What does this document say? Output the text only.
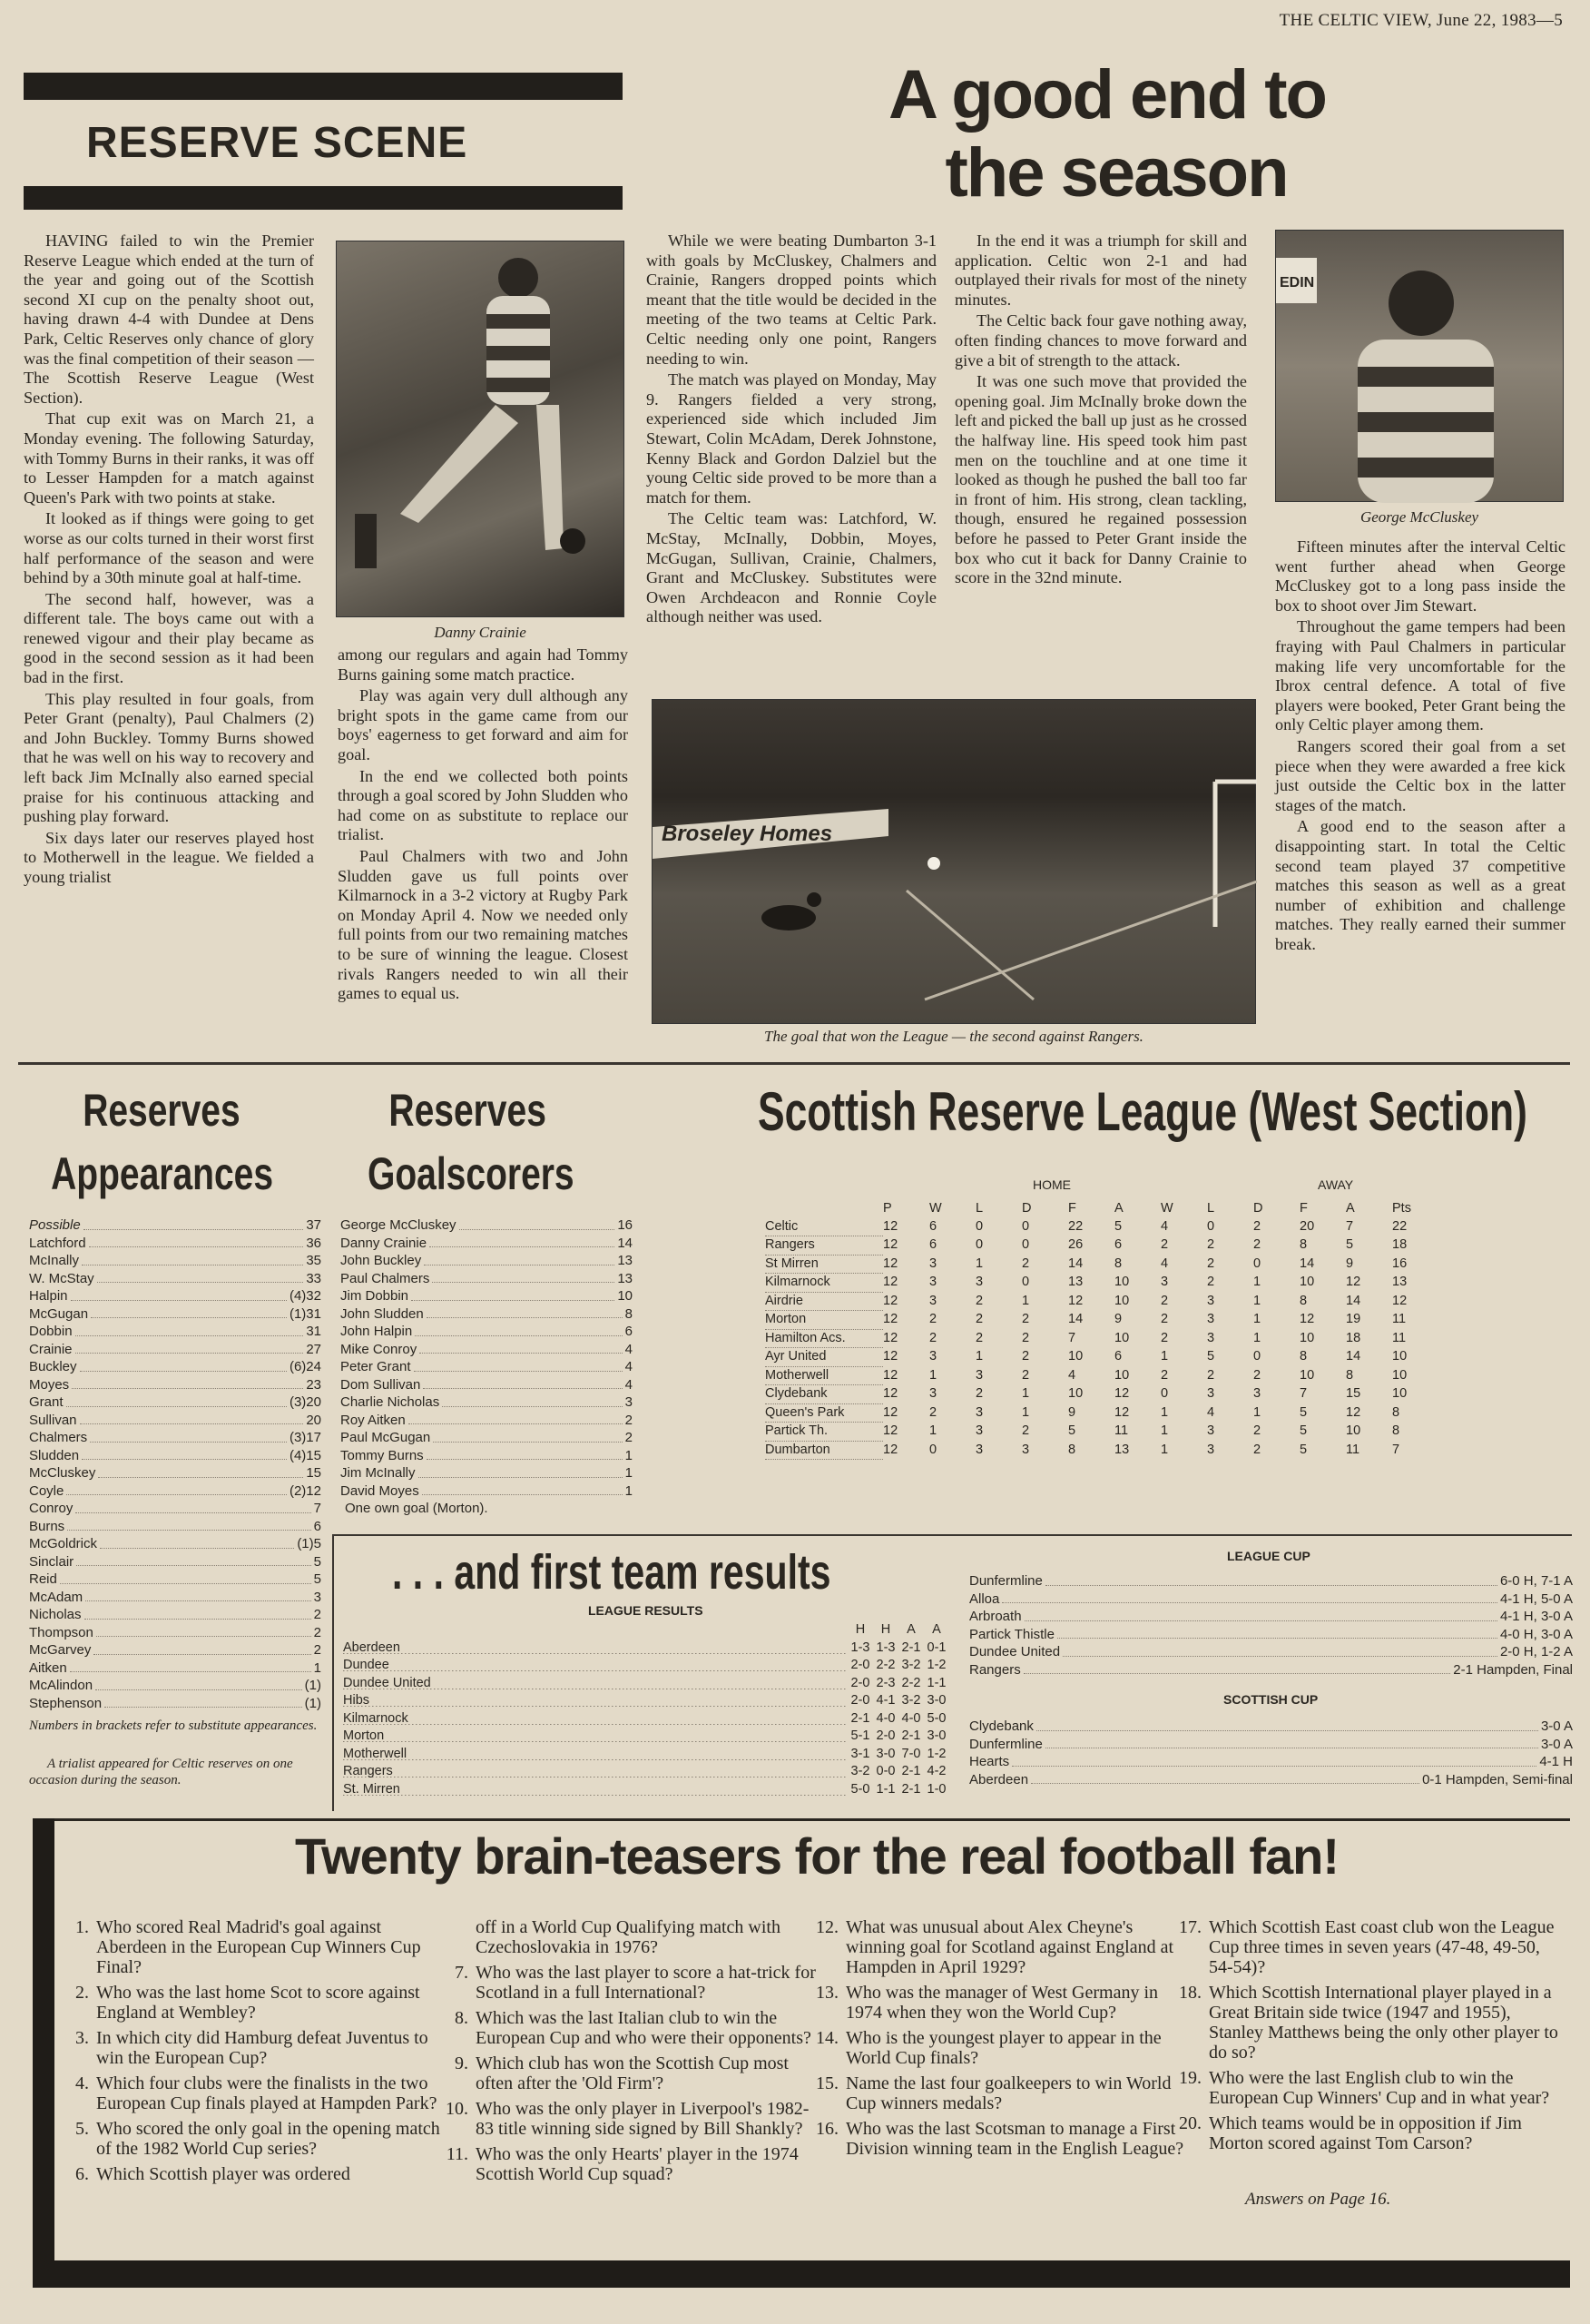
THE CELTIC VIEW, June 22, 1983—5
RESERVE SCENE
A good end to
the season

HAVING failed to win the Premier Reserve League which ended at the turn of the year and going out of the Scottish second XI cup on the penalty shoot out, having drawn 4-4 with Dundee at Dens Park, Celtic Reserves only chance of glory was the final competition of their season — The Scottish Reserve League (West Section).

That cup exit was on March 21, a Monday evening. The following Saturday, with Tommy Burns in their ranks, it was off to Lesser Hampden for a match against Queen's Park with two points at stake.

It looked as if things were going to get worse as our colts turned in their worst first half performance of the season and were behind by a 30th minute goal at half-time.

The second half, however, was a different tale. The boys came out with a renewed vigour and their play became as good in the second session as it had been bad in the first.

This play resulted in four goals, from Peter Grant (penalty), Paul Chalmers (2) and John Buckley. Tommy Burns showed that he was well on his way to recovery and left back Jim McInally also earned special praise for his continuous attacking and pushing play forward.

Six days later our reserves played host to Motherwell in the league. We fielded a young trialist

Danny Crainie

among our regulars and again had Tommy Burns gaining some match practice.

Play was again very dull although any bright spots in the game came from our boys' eagerness to get forward and aim for goal.

In the end we collected both points through a goal scored by John Sludden who had come on as substitute to replace our trialist.

Paul Chalmers with two and John Sludden gave us full points over Kilmarnock in a 3-2 victory at Rugby Park on Monday April 4. Now we needed only full points from our two remaining matches to be sure of winning the league. Closest rivals Rangers needed to win all their games to equal us.

While we were beating Dumbarton 3-1 with goals by McCluskey, Chalmers and Crainie, Rangers dropped points which meant that the title would be decided in the meeting of the two teams at Celtic Park. Celtic needing only one point, Rangers needing to win.

The match was played on Monday, May 9. Rangers fielded a very strong, experienced side which included Jim Stewart, Colin McAdam, Derek Johnstone, Kenny Black and Gordon Dalziel but the young Celtic side proved to be more than a match for them.

The Celtic team was: Latchford, W. McStay, McInally, Dobbin, Moyes, McGugan, Sullivan, Crainie, Chalmers, Grant and McCluskey. Substitutes were Owen Archdeacon and Ronnie Coyle although neither was used.

In the end it was a triumph for skill and application. Celtic won 2-1 and had outplayed their rivals for most of the ninety minutes.

The Celtic back four gave nothing away, often finding chances to move forward and give a bit of strength to the attack.

It was one such move that provided the opening goal. Jim McInally broke down the left and picked the ball up just as he crossed the halfway line. His speed took him past men on the touchline and at one time it looked as though he pushed the ball too far in front of him. His strong, clean tackling, though, ensured he regained possession before he passed to Peter Grant inside the box who cut it back for Danny Crainie to score in the 32nd minute.

Broseley Homes
The goal that won the League — the second against Rangers.
EDIN
George McCluskey

Fifteen minutes after the interval Celtic went further ahead when George McCluskey got to a long pass inside the box to shoot over Jim Stewart.

Throughout the game tempers had been fraying with Paul Chalmers in particular making life very uncomfortable for the Ibrox central defence. A total of five players were booked, Peter Grant being the only Celtic player among them.

Rangers scored their goal from a set piece when they were awarded a free kick just outside the Celtic box in the latter stages of the match.

A good end to the season after a disappointing start. In total the Celtic second team played 37 competitive matches this season as well as a great number of exhibition and challenge matches. They really earned their summer break.

Reserves
Appearances
Possible	37
Latchford	36
McInally	35
W. McStay	33
Halpin	(4)32
McGugan	(1)31
Dobbin	31
Crainie	27
Buckley	(6)24
Moyes	23
Grant	(3)20
Sullivan	20
Chalmers	(3)17
Sludden	(4)15
McCluskey	15
Coyle	(2)12
Conroy	7
Burns	6
McGoldrick	(1)5
Sinclair	5
Reid	5
McAdam	3
Nicholas	2
Thompson	2
McGarvey	2
Aitken	1
McAlindon	(1)
Stephenson	(1)
Numbers in brackets refer to substitute appearances.
A trialist appeared for Celtic reserves on one occasion during the season.
Reserves
Goalscorers
George McCluskey	16
Danny Crainie	14
John Buckley	13
Paul Chalmers	13
Jim Dobbin	10
John Sludden	8
John Halpin	6
Mike Conroy	4
Peter Grant	4
Dom Sullivan	4
Charlie Nicholas	3
Roy Aitken	2
Paul McGugan	2
Tommy Burns	1
Jim McInally	1
David Moyes	1
One own goal (Morton).
Scottish Reserve League (West Section)
HOME	AWAY
	P	W	L	D	F	A	W	L	D	F	A	Pts
Celtic	12	6	0	0	22	5	4	0	2	20	7	22
Rangers	12	6	0	0	26	6	2	2	2	8	5	18
St Mirren	12	3	1	2	14	8	4	2	0	14	9	16
Kilmarnock	12	3	3	0	13	10	3	2	1	10	12	13
Airdrie	12	3	2	1	12	10	2	3	1	8	14	12
Morton	12	2	2	2	14	9	2	3	1	12	19	11
Hamilton Acs.	12	2	2	2	7	10	2	3	1	10	18	11
Ayr United	12	3	1	2	10	6	1	5	0	8	14	10
Motherwell	12	1	3	2	4	10	2	2	2	10	8	10
Clydebank	12	3	2	1	10	12	0	3	3	7	15	10
Queen's Park	12	2	3	1	9	12	1	4	1	5	12	8
Partick Th.	12	1	3	2	5	11	1	3	2	5	10	8
Dumbarton	12	0	3	3	8	13	1	3	2	5	11	7
. . . and first team results
LEAGUE RESULTS
	H	H	A	A
Aberdeen	1-3	1-3	2-1	0-1
Dundee	2-0	2-2	3-2	1-2
Dundee United	2-0	2-3	2-2	1-1
Hibs	2-0	4-1	3-2	3-0
Kilmarnock	2-1	4-0	4-0	5-0
Morton	5-1	2-0	2-1	3-0
Motherwell	3-1	3-0	7-0	1-2
Rangers	3-2	0-0	2-1	4-2
St. Mirren	5-0	1-1	2-1	1-0
LEAGUE CUP
Dunfermline	6-0 H, 7-1 A
Alloa	4-1 H, 5-0 A
Arbroath	4-1 H, 3-0 A
Partick Thistle	4-0 H, 3-0 A
Dundee United	2-0 H, 1-2 A
Rangers	2-1 Hampden, Final
SCOTTISH CUP
Clydebank	3-0 A
Dunfermline	3-0 A
Hearts	4-1 H
Aberdeen	0-1 Hampden, Semi-final
Twenty brain-teasers for the real football fan!
1. Who scored Real Madrid's goal against Aberdeen in the European Cup Winners Cup Final?
2. Who was the last home Scot to score against England at Wembley?
3. In which city did Hamburg defeat Juventus to win the European Cup?
4. Which four clubs were the finalists in the two European Cup finals played at Hampden Park?
5. Who scored the only goal in the opening match of the 1982 World Cup series?
6. Which Scottish player was ordered
off in a World Cup Qualifying match with Czechoslovakia in 1976?
7. Who was the last player to score a hat-trick for Scotland in a full International?
8. Which was the last Italian club to win the European Cup and who were their opponents?
9. Which club has won the Scottish Cup most often after the 'Old Firm'?
10. Who was the only player in Liverpool's 1982-83 title winning side signed by Bill Shankly?
11. Who was the only Hearts' player in the 1974 Scottish World Cup squad?
12. What was unusual about Alex Cheyne's winning goal for Scotland against England at Hampden in April 1929?
13. Who was the manager of West Germany in 1974 when they won the World Cup?
14. Who is the youngest player to appear in the World Cup finals?
15. Name the last four goalkeepers to win World Cup winners medals?
16. Who was the last Scotsman to manage a First Division winning team in the English League?
17. Which Scottish East coast club won the League Cup three times in seven years (47-48, 49-50, 54-54)?
18. Which Scottish International player played in a Great Britain side twice (1947 and 1955), Stanley Matthews being the only other player to do so?
19. Who were the last English club to win the European Cup Winners' Cup and in what year?
20. Which teams would be in opposition if Jim Morton scored against Tom Carson?
Answers on Page 16.
